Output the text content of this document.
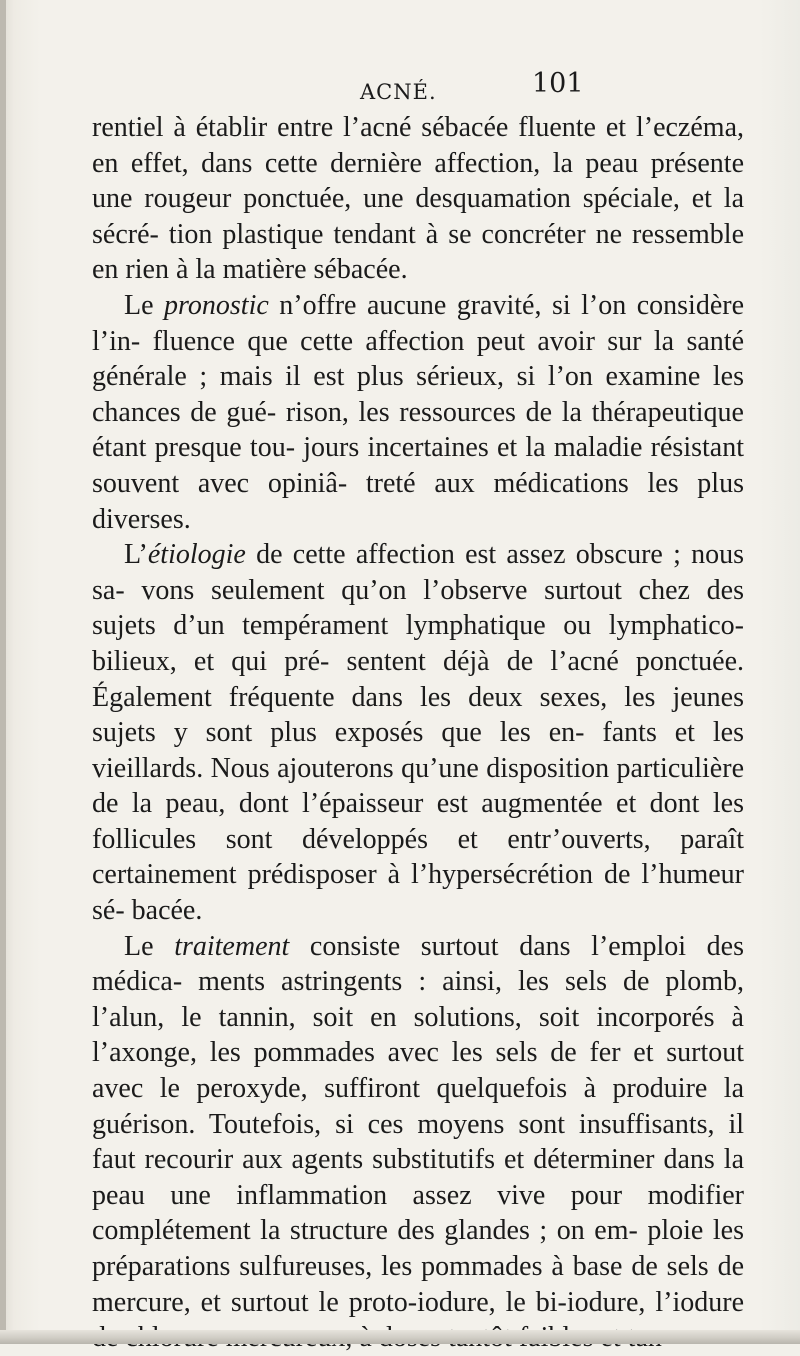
ACNÉ.	101

rentiel à établir entre l’acné sébacée fluente et l’eczéma, en effet, dans cette dernière affection, la peau présente une rougeur ponctuée, une desquamation spéciale, et la sécré- tion plastique tendant à se concréter ne ressemble en rien à la matière sébacée.

Le pronostic n’offre aucune gravité, si l’on considère l’in- fluence que cette affection peut avoir sur la santé générale ; mais il est plus sérieux, si l’on examine les chances de gué- rison, les ressources de la thérapeutique étant presque tou- jours incertaines et la maladie résistant souvent avec opiniâ- treté aux médications les plus diverses.

L’étiologie de cette affection est assez obscure ; nous sa- vons seulement qu’on l’observe surtout chez des sujets d’un tempérament lymphatique ou lymphatico-bilieux, et qui pré- sentent déjà de l’acné ponctuée. Également fréquente dans les deux sexes, les jeunes sujets y sont plus exposés que les en- fants et les vieillards. Nous ajouterons qu’une disposition particulière de la peau, dont l’épaisseur est augmentée et dont les follicules sont développés et entr’ouverts, paraît certainement prédisposer à l’hypersécrétion de l’humeur sé- bacée.

Le traitement consiste surtout dans l’emploi des médica- ments astringents : ainsi, les sels de plomb, l’alun, le tannin, soit en solutions, soit incorporés à l’axonge, les pommades avec les sels de fer et surtout avec le peroxyde, suffiront quelquefois à produire la guérison. Toutefois, si ces moyens sont insuffisants, il faut recourir aux agents substitutifs et déterminer dans la peau une inflammation assez vive pour modifier complétement la structure des glandes ; on em- ploie les préparations sulfureuses, les pommades à base de sels de mercure, et surtout le proto-iodure, le bi-iodure, l’iodure
